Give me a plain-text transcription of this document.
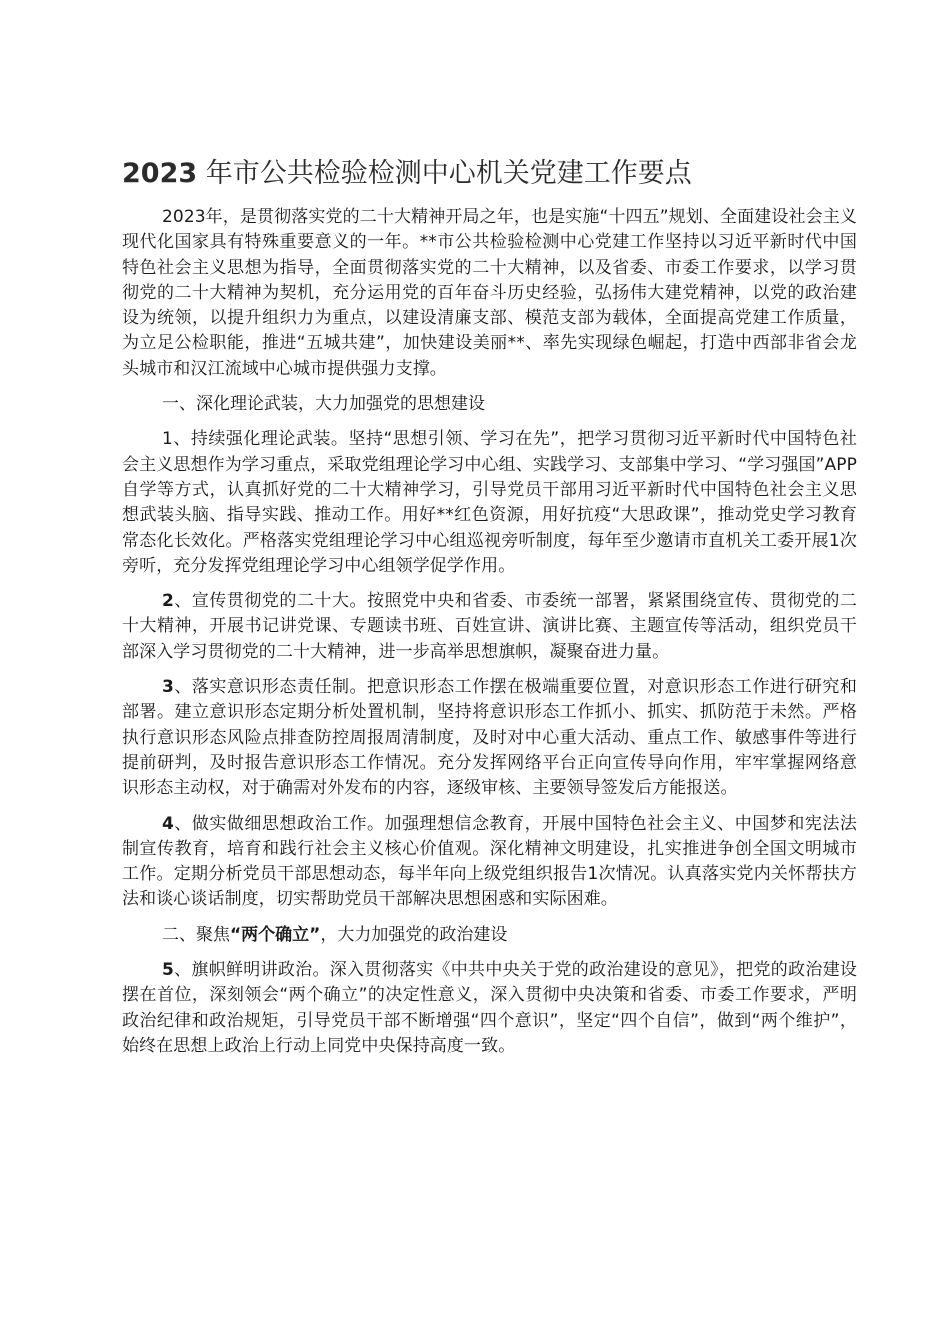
2023 年市公共检验检测中心机关党建工作要点

2023年，是贯彻落实党的二十大精神开局之年，也是实施“十四五”规划、全面建设社会主义现代化国家具有特殊重要意义的一年。**市公共检验检测中心党建工作坚持以习近平新时代中国特色社会主义思想为指导，全面贯彻落实党的二十大精神，以及省委、市委工作要求，以学习贯彻党的二十大精神为契机，充分运用党的百年奋斗历史经验，弘扬伟大建党精神，以党的政治建设为统领，以提升组织力为重点，以建设清廉支部、模范支部为载体，全面提高党建工作质量，为立足公检职能，推进“五城共建”，加快建设美丽**、率先实现绿色崛起，打造中西部非省会龙头城市和汉江流域中心城市提供强力支撑。

一、深化理论武装，大力加强党的思想建设

1、持续强化理论武装。坚持“思想引领、学习在先”，把学习贯彻习近平新时代中国特色社会主义思想作为学习重点，采取党组理论学习中心组、实践学习、支部集中学习、“学习强国”APP自学等方式，认真抓好党的二十大精神学习，引导党员干部用习近平新时代中国特色社会主义思想武装头脑、指导实践、推动工作。用好**红色资源，用好抗疫“大思政课”，推动党史学习教育常态化长效化。严格落实党组理论学习中心组巡视旁听制度，每年至少邀请市直机关工委开展1次旁听，充分发挥党组理论学习中心组领学促学作用。

2、宣传贯彻党的二十大。按照党中央和省委、市委统一部署，紧紧围绕宣传、贯彻党的二十大精神，开展书记讲党课、专题读书班、百姓宣讲、演讲比赛、主题宣传等活动，组织党员干部深入学习贯彻党的二十大精神，进一步高举思想旗帜，凝聚奋进力量。

3、落实意识形态责任制。把意识形态工作摆在极端重要位置，对意识形态工作进行研究和部署。建立意识形态定期分析处置机制，坚持将意识形态工作抓小、抓实、抓防范于未然。严格执行意识形态风险点排查防控周报周清制度，及时对中心重大活动、重点工作、敏感事件等进行提前研判，及时报告意识形态工作情况。充分发挥网络平台正向宣传导向作用，牢牢掌握网络意识形态主动权，对于确需对外发布的内容，逐级审核、主要领导签发后方能报送。

4、做实做细思想政治工作。加强理想信念教育，开展中国特色社会主义、中国梦和宪法法制宣传教育，培育和践行社会主义核心价值观。深化精神文明建设，扎实推进争创全国文明城市工作。定期分析党员干部思想动态，每半年向上级党组织报告1次情况。认真落实党内关怀帮扶方法和谈心谈话制度，切实帮助党员干部解决思想困惑和实际困难。

二、聚焦“两个确立”，大力加强党的政治建设

5、旗帜鲜明讲政治。深入贯彻落实《中共中央关于党的政治建设的意见》，把党的政治建设摆在首位，深刻领会“两个确立”的决定性意义，深入贯彻中央决策和省委、市委工作要求，严明政治纪律和政治规矩，引导党员干部不断增强“四个意识”，坚定“四个自信”，做到“两个维护”，始终在思想上政治上行动上同党中央保持高度一致。
